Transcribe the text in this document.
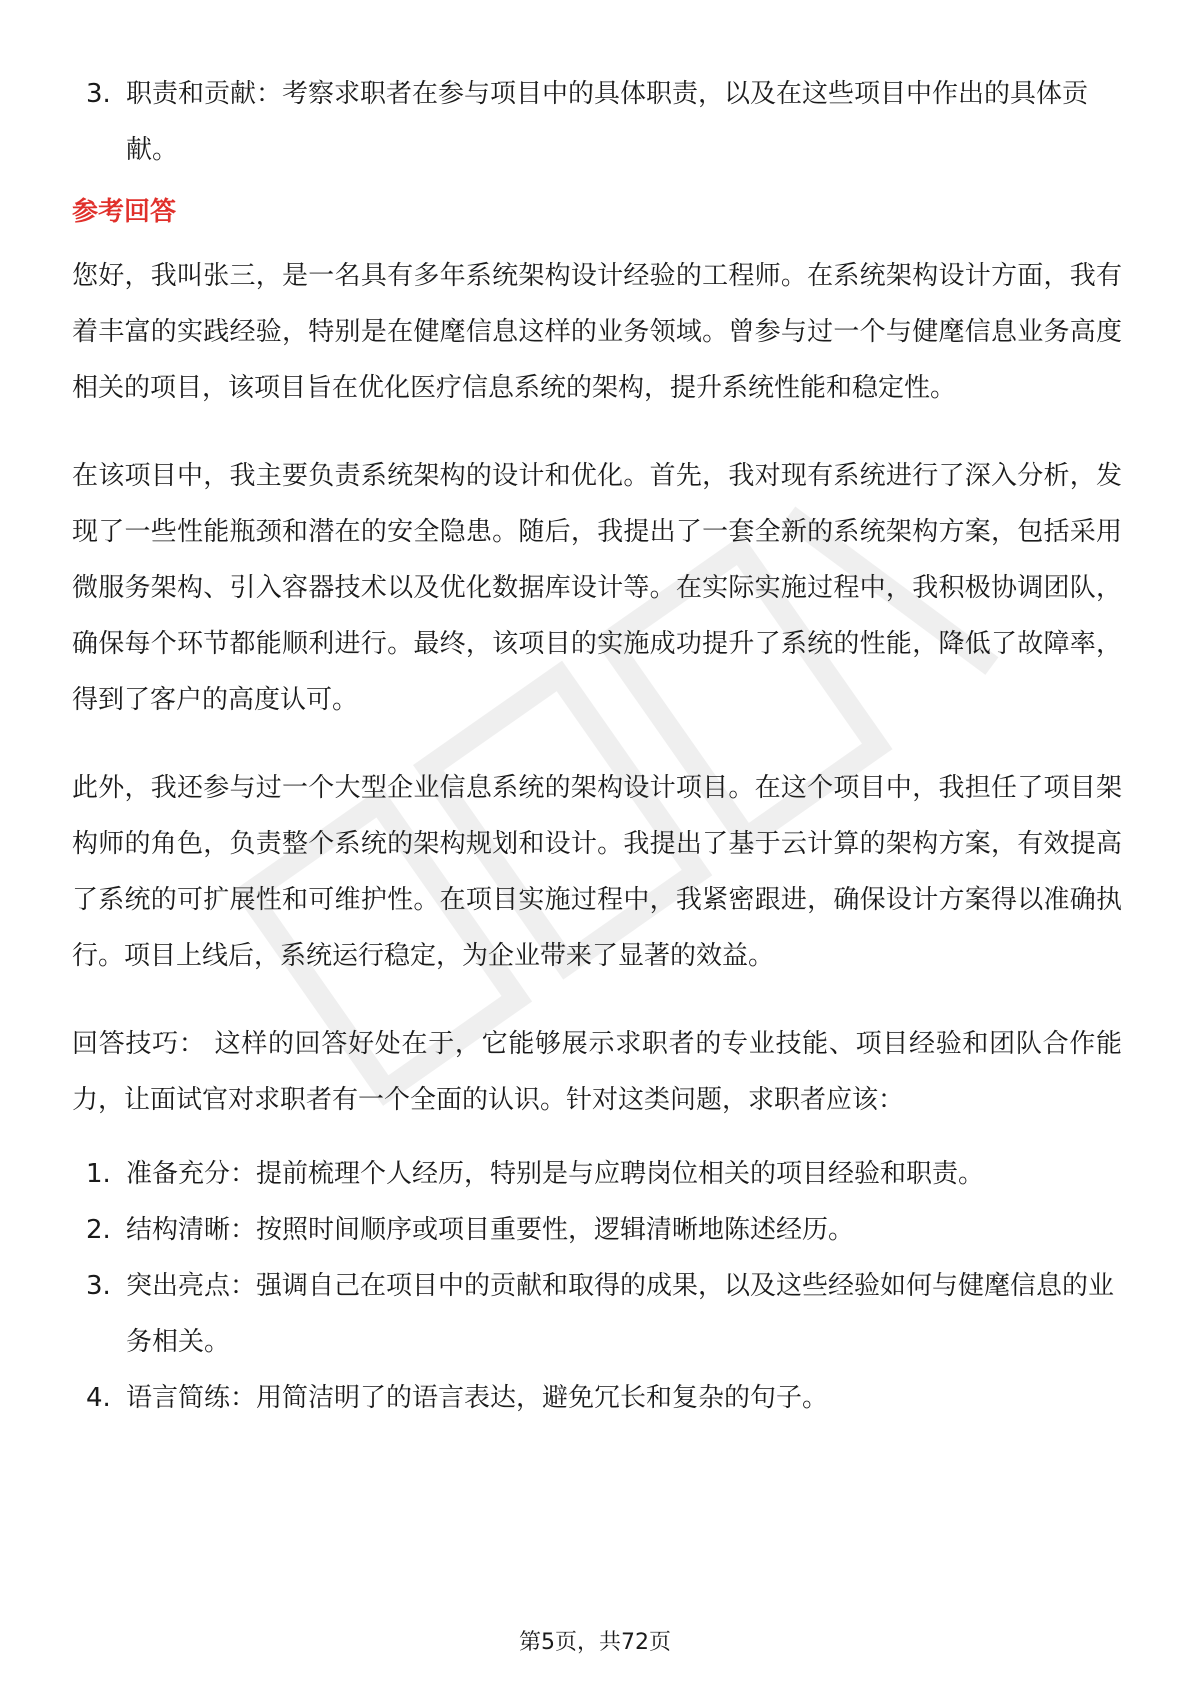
3. 职责和贡献：考察求职者在参与项目中的具体职责，以及在这些项目中作出的具体贡献。
参考回答

您好，我叫张三，是一名具有多年系统架构设计经验的工程师。在系统架构设计方面，我有着丰富的实践经验，特别是在健麾信息这样的业务领域。曾参与过一个与健麾信息业务高度相关的项目，该项目旨在优化医疗信息系统的架构，提升系统性能和稳定性。

在该项目中，我主要负责系统架构的设计和优化。首先，我对现有系统进行了深入分析，发现了一些性能瓶颈和潜在的安全隐患。随后，我提出了一套全新的系统架构方案，包括采用微服务架构、引入容器技术以及优化数据库设计等。在实际实施过程中，我积极协调团队，确保每个环节都能顺利进行。最终，该项目的实施成功提升了系统的性能，降低了故障率，得到了客户的高度认可。

此外，我还参与过一个大型企业信息系统的架构设计项目。在这个项目中，我担任了项目架构师的角色，负责整个系统的架构规划和设计。我提出了基于云计算的架构方案，有效提高了系统的可扩展性和可维护性。在项目实施过程中，我紧密跟进，确保设计方案得以准确执行。项目上线后，系统运行稳定，为企业带来了显著的效益。

回答技巧： 这样的回答好处在于，它能够展示求职者的专业技能、项目经验和团队合作能力，让面试官对求职者有一个全面的认识。针对这类问题，求职者应该：

1. 准备充分：提前梳理个人经历，特别是与应聘岗位相关的项目经验和职责。
2. 结构清晰：按照时间顺序或项目重要性，逻辑清晰地陈述经历。
3. 突出亮点：强调自己在项目中的贡献和取得的成果，以及这些经验如何与健麾信息的业务相关。
4. 语言简练：用简洁明了的语言表达，避免冗长和复杂的句子。
第5页，共72页
